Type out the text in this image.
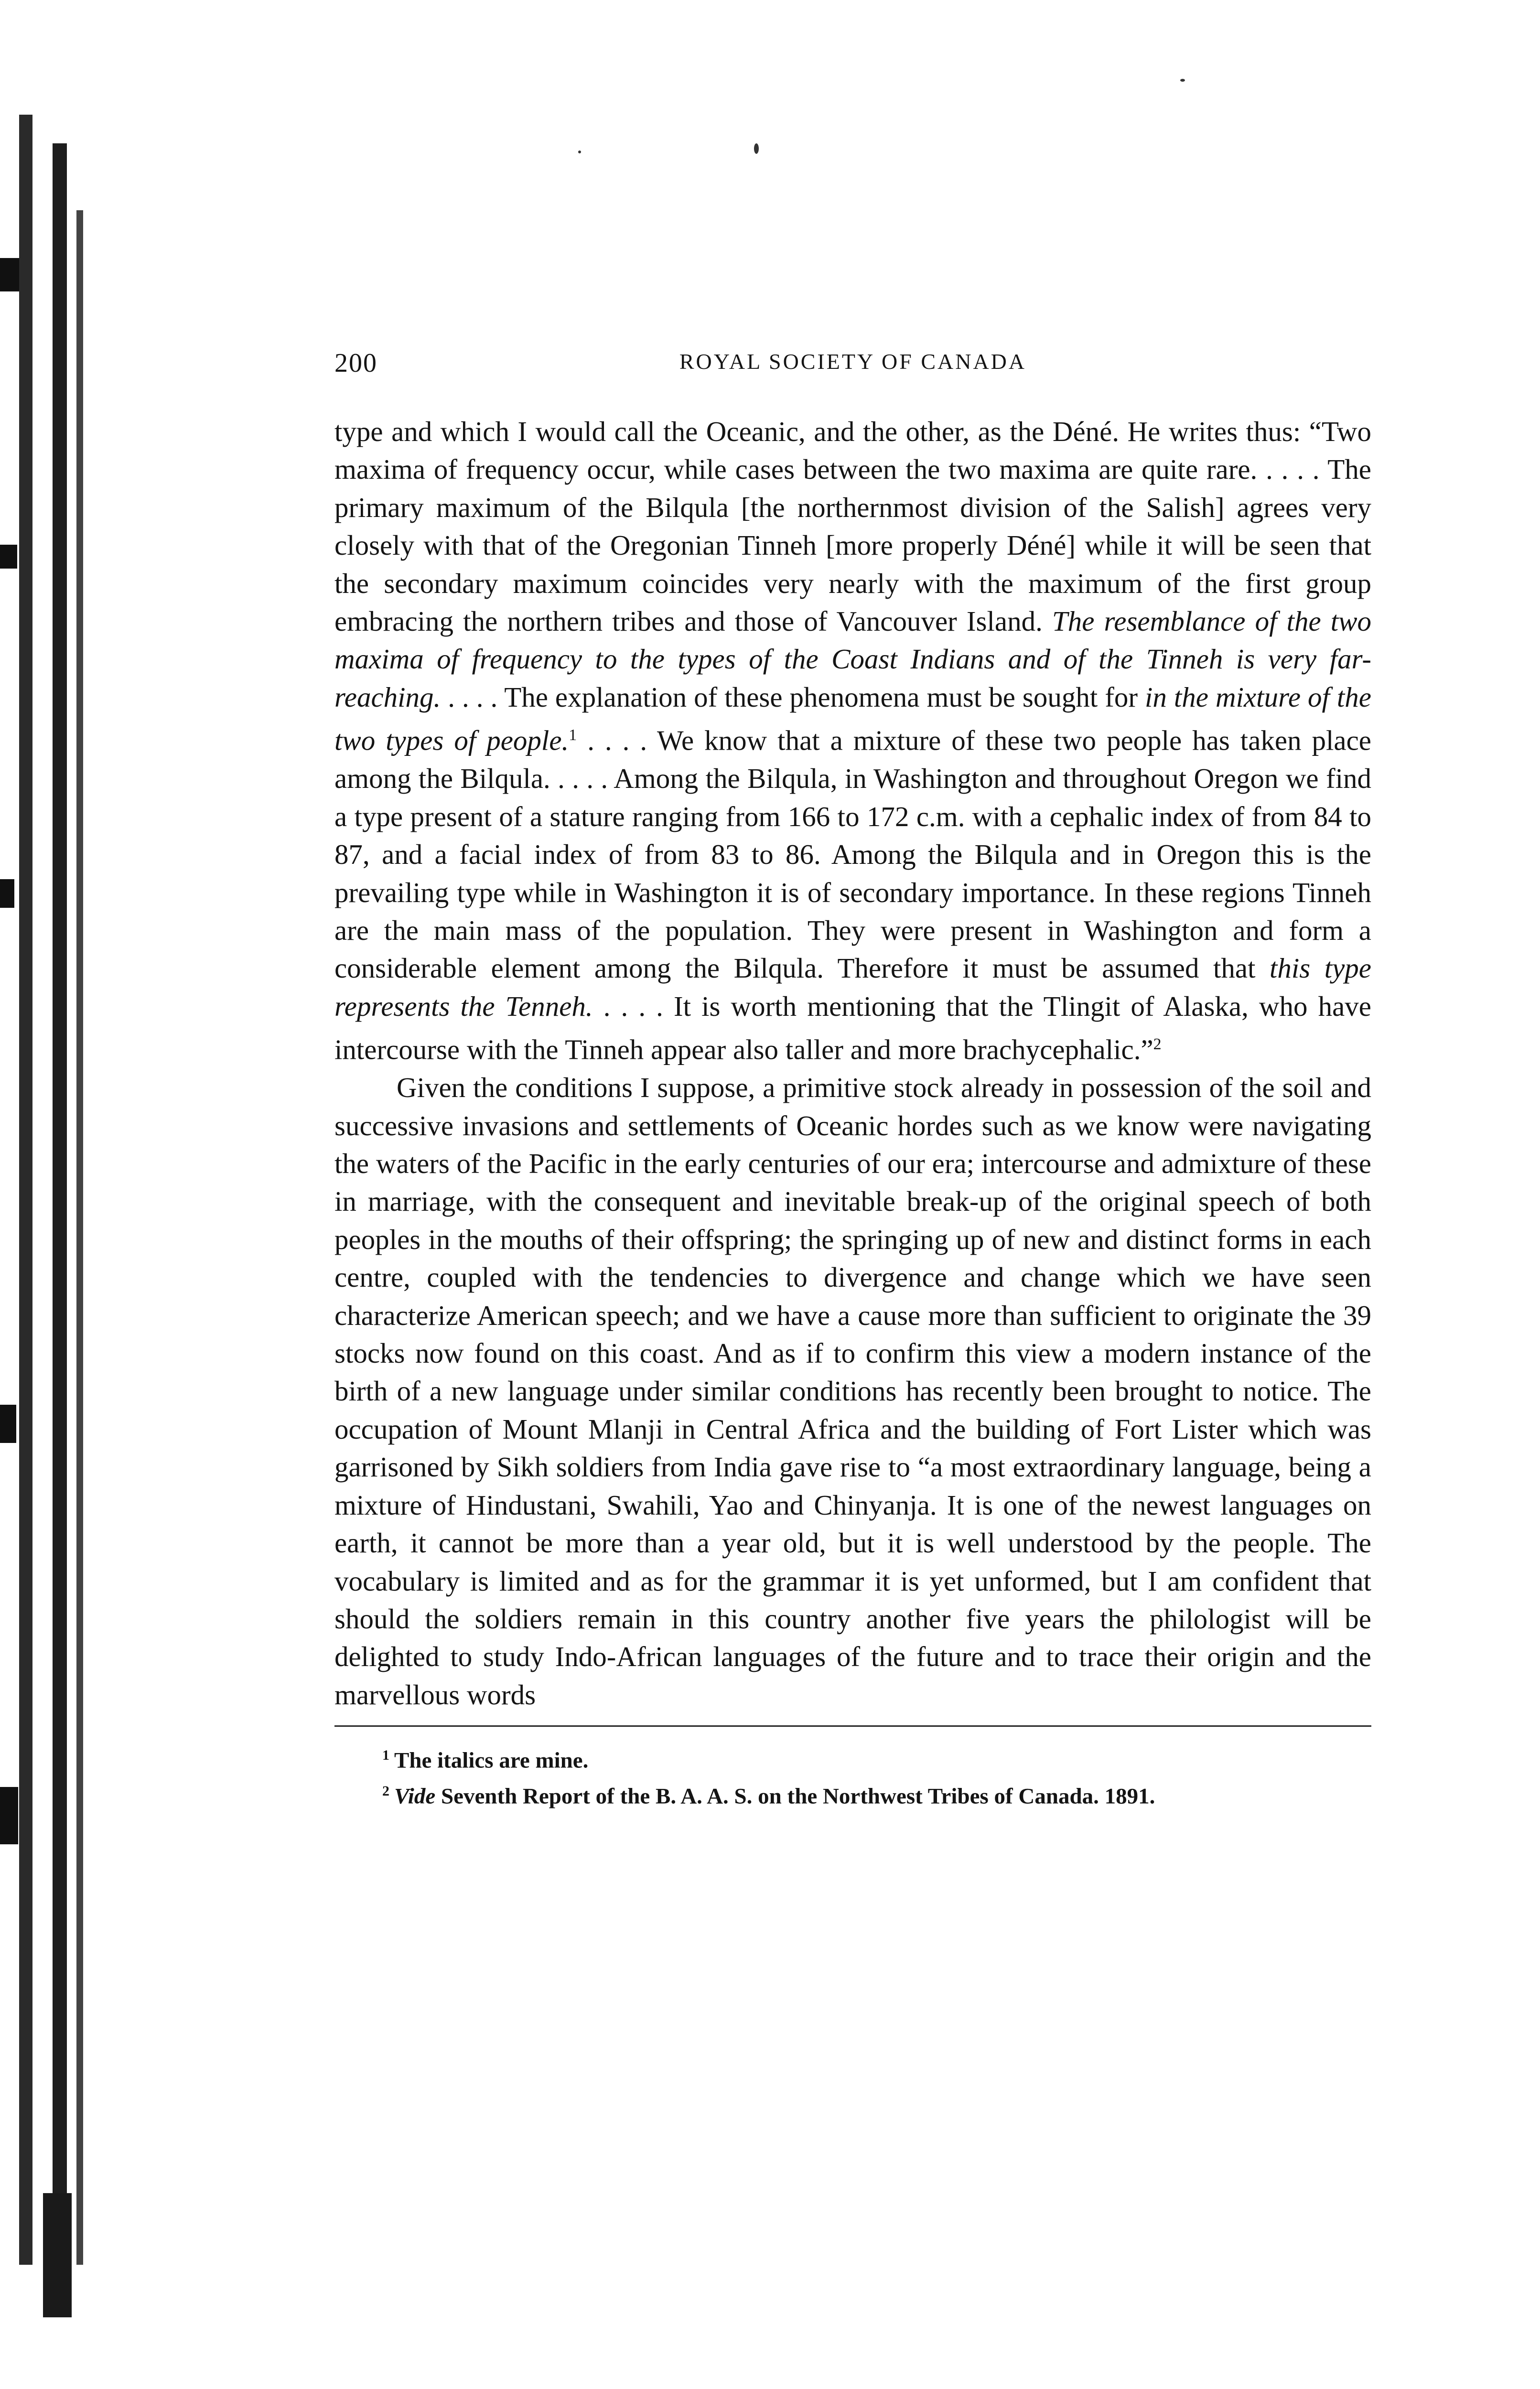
200	ROYAL SOCIETY OF CANADA

type and which I would call the Oceanic, and the other, as the Déné. He writes thus: “Two maxima of frequency occur, while cases between the two maxima are quite rare. . . . . The primary maximum of the Bilqula [the northernmost division of the Salish] agrees very closely with that of the Oregonian Tinneh [more properly Déné] while it will be seen that the secondary maximum coincides very nearly with the maximum of the first group embracing the northern tribes and those of Vancouver Island. The resemblance of the two maxima of frequency to the types of the Coast Indians and of the Tinneh is very far-reaching. . . . . The explanation of these phenomena must be sought for in the mixture of the two types of people.$^1$ . . . . We know that a mixture of these two people has taken place among the Bilqula. . . . . Among the Bilqula, in Washington and throughout Oregon we find a type present of a stature ranging from 166 to 172 c.m. with a cephalic index of from 84 to 87, and a facial index of from 83 to 86. Among the Bilqula and in Oregon this is the prevailing type while in Washington it is of secondary importance. In these regions Tinneh are the main mass of the population. They were present in Washington and form a considerable element among the Bilqula. Therefore it must be assumed that this type represents the Tenneh. . . . . It is worth mentioning that the Tlingit of Alaska, who have intercourse with the Tinneh appear also taller and more brachycephalic.”$^2$

Given the conditions I suppose, a primitive stock already in possession of the soil and successive invasions and settlements of Oceanic hordes such as we know were navigating the waters of the Pacific in the early centuries of our era; intercourse and admixture of these in marriage, with the consequent and inevitable break-up of the original speech of both peoples in the mouths of their offspring; the springing up of new and distinct forms in each centre, coupled with the tendencies to divergence and change which we have seen characterize American speech; and we have a cause more than sufficient to originate the 39 stocks now found on this coast. And as if to confirm this view a modern instance of the birth of a new language under similar conditions has recently been brought to notice. The occupation of Mount Mlanji in Central Africa and the building of Fort Lister which was garrisoned by Sikh soldiers from India gave rise to “a most extraordinary language, being a mixture of Hindustani, Swahili, Yao and Chinyanja. It is one of the newest languages on earth, it cannot be more than a year old, but it is well understood by the people. The vocabulary is limited and as for the grammar it is yet unformed, but I am confident that should the soldiers remain in this country another five years the philologist will be delighted to study Indo-African languages of the future and to trace their origin and the marvellous words

$^1$ The italics are mine.
$^2$ Vide Seventh Report of the B. A. A. S. on the Northwest Tribes of Canada. 1891.
